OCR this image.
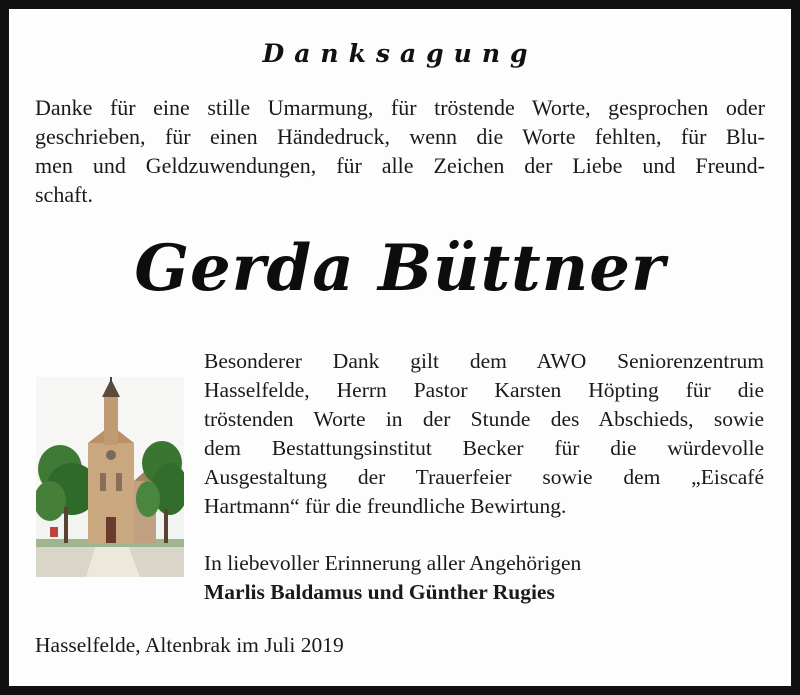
Danksagung
Danke für eine stille Umarmung, für tröstende Worte, gesprochen oder
geschrieben, für einen Händedruck, wenn die Worte fehlten, für Blu-
men und Geldzuwendungen, für alle Zeichen der Liebe und Freund-
schaft.
Gerda Büttner
Besonderer Dank gilt dem AWO Seniorenzentrum
Hasselfelde, Herrn Pastor Karsten Höpting für die
tröstenden Worte in der Stunde des Abschieds, sowie
dem Bestattungsinstitut Becker für die würdevolle
Ausgestaltung der Trauerfeier sowie dem „Eiscafé
Hartmann“ für die freundliche Bewirtung.
In liebevoller Erinnerung aller Angehörigen
Marlis Baldamus und Günther Rugies
Hasselfelde, Altenbrak im Juli 2019
